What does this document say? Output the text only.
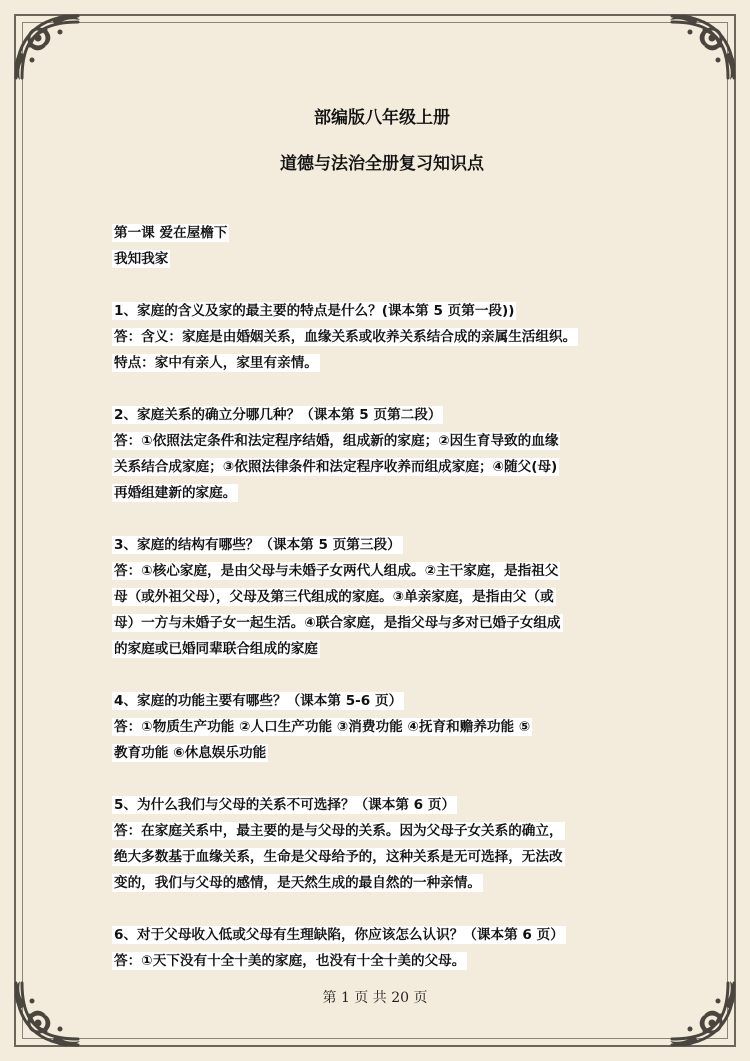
部编版八年级上册

道德与法治全册复习知识点

第一课 爱在屋檐下

我知我家

1、家庭的含义及家的最主要的特点是什么？(课本第 5 页第一段))

答：含义：家庭是由婚姻关系，血缘关系或收养关系结合成的亲属生活组织。

特点：家中有亲人，家里有亲情。

2、家庭关系的确立分哪几种？（课本第 5 页第二段）

答：①依照法定条件和法定程序结婚，组成新的家庭；②因生育导致的血缘

关系结合成家庭；③依照法律条件和法定程序收养而组成家庭；④随父(母)

再婚组建新的家庭。

3、家庭的结构有哪些？（课本第 5 页第三段）

答：①核心家庭，是由父母与未婚子女两代人组成。②主干家庭，是指祖父

母（或外祖父母），父母及第三代组成的家庭。③单亲家庭，是指由父（或

母）一方与未婚子女一起生活。④联合家庭，是指父母与多对已婚子女组成

的家庭或已婚同辈联合组成的家庭

4、家庭的功能主要有哪些？（课本第 5-6 页）

答：①物质生产功能 ②人口生产功能 ③消费功能 ④抚育和赡养功能 ⑤

教育功能 ⑥休息娱乐功能

5、为什么我们与父母的关系不可选择？（课本第 6 页）

答：在家庭关系中，最主要的是与父母的关系。因为父母子女关系的确立，

绝大多数基于血缘关系，生命是父母给予的，这种关系是无可选择，无法改

变的，我们与父母的感情，是天然生成的最自然的一种亲情。

6、对于父母收入低或父母有生理缺陷，你应该怎么认识？（课本第 6 页）

答：①天下没有十全十美的家庭，也没有十全十美的父母。

第 1 页 共 20 页
